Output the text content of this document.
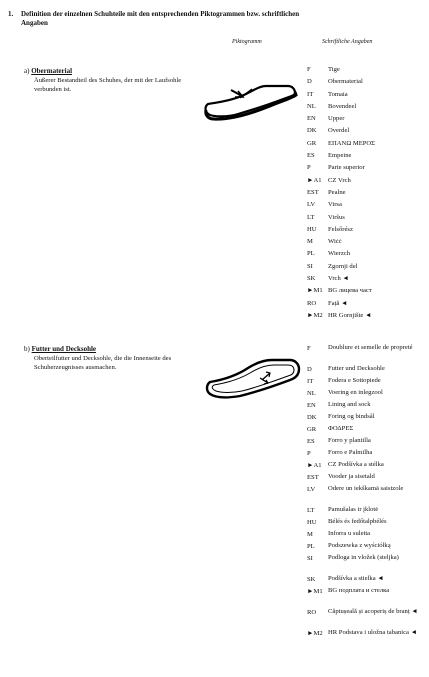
1. Definition der einzelnen Schuhteile mit den entsprechenden Piktogrammen bzw. schriftlichen Angaben
Piktogramm	Schriftliche Angaben
a) Obermaterial
Äußerer Bestandteil des Schuhes, der mit der Laufsohle verbunden ist.
F	Tige
D Obermaterial
IT Tomaia
NL Bovendeel
EN Upper
DK Overdel
GR ΕΠΑΝΩ ΜΕΡΟΣ
ES Empeine
P	Parte superior
►A1 CZ Vrch
EST Pealne
LV Virsa
LT Viršus
HU Felsőrész
M Wiċċ
PL Wierzch
SI Zgornji del
SK Vrch ◄
►M1 BG лицева част
RO Față ◄
►M2 HR Gornjište ◄
b) Futter und Decksohle
Oberteilfutter und Decksohle, die die Innenseite des Schuherzeugnisses ausmachen.
F	Doublure et semelle de propreté
D Futter und Decksohle
IT Fodera e Sottopiede
NL Voering en inlegzool
EN Lining and sock
DK Foring og bindsål
GR ΦΟΔΡΕΣ
ES Forro y plantilla
P	Forro e Palmilha
►A1 CZ Podšívka a stélka
EST Vooder ja sisetald
LV Odere un iekškamā saistzole
LT Pamušalas ir įklotė
HU Bélés és fedőtalpbélés
M Inforra u suletta
PL Podszewka z wyściółką
SI Podloga in vložek (steljka)
SK Podšívka a stielka ◄
►M1 BG подплата и стелка
RO Căptușeală și acoperiș de branț ◄
►M2 HR Podstava i uložna tabanica ◄
